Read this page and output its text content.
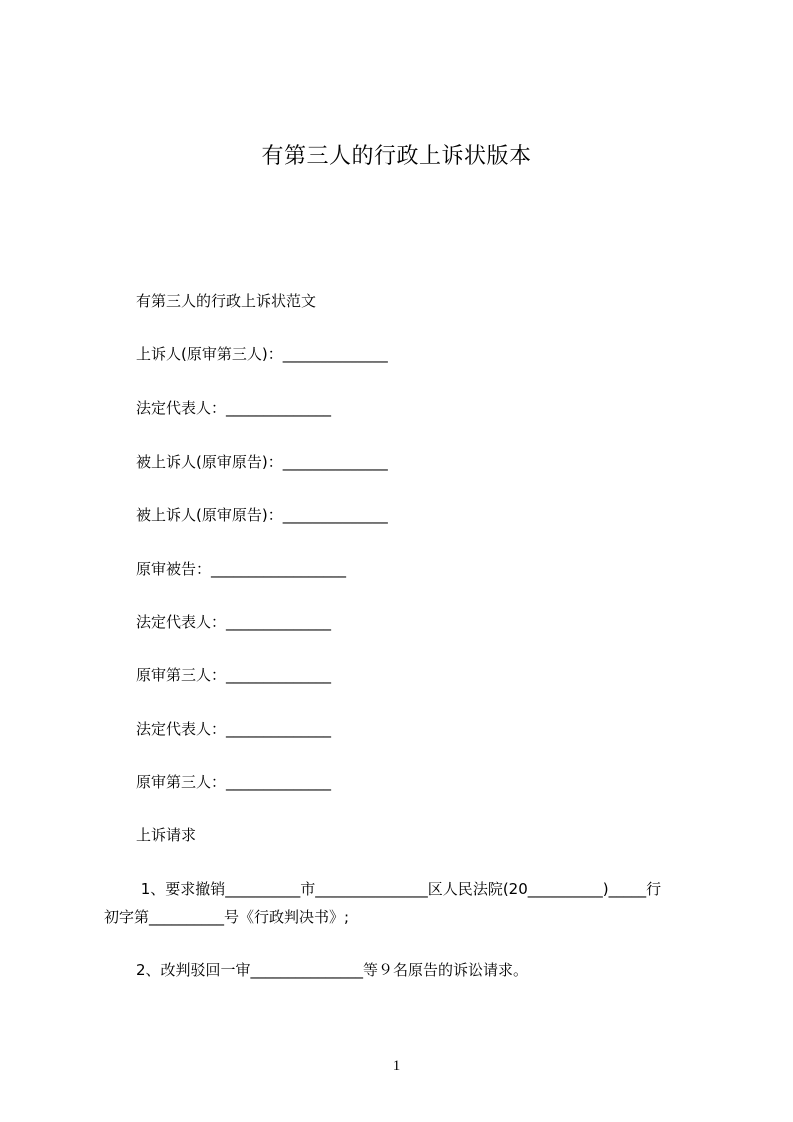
有第三人的行政上诉状版本
有第三人的行政上诉状范文
上诉人(原审第三人)：______________
法定代表人：______________
被上诉人(原审原告)：______________
被上诉人(原审原告)：______________
原审被告：__________________
法定代表人：______________
原审第三人：______________
法定代表人：______________
原审第三人：______________
上诉请求
1、要求撤销__________市_______________区人民法院(20__________)_____行
初字第__________号《行政判决书》;
2、改判驳回一审_______________等９名原告的诉讼请求。
1
